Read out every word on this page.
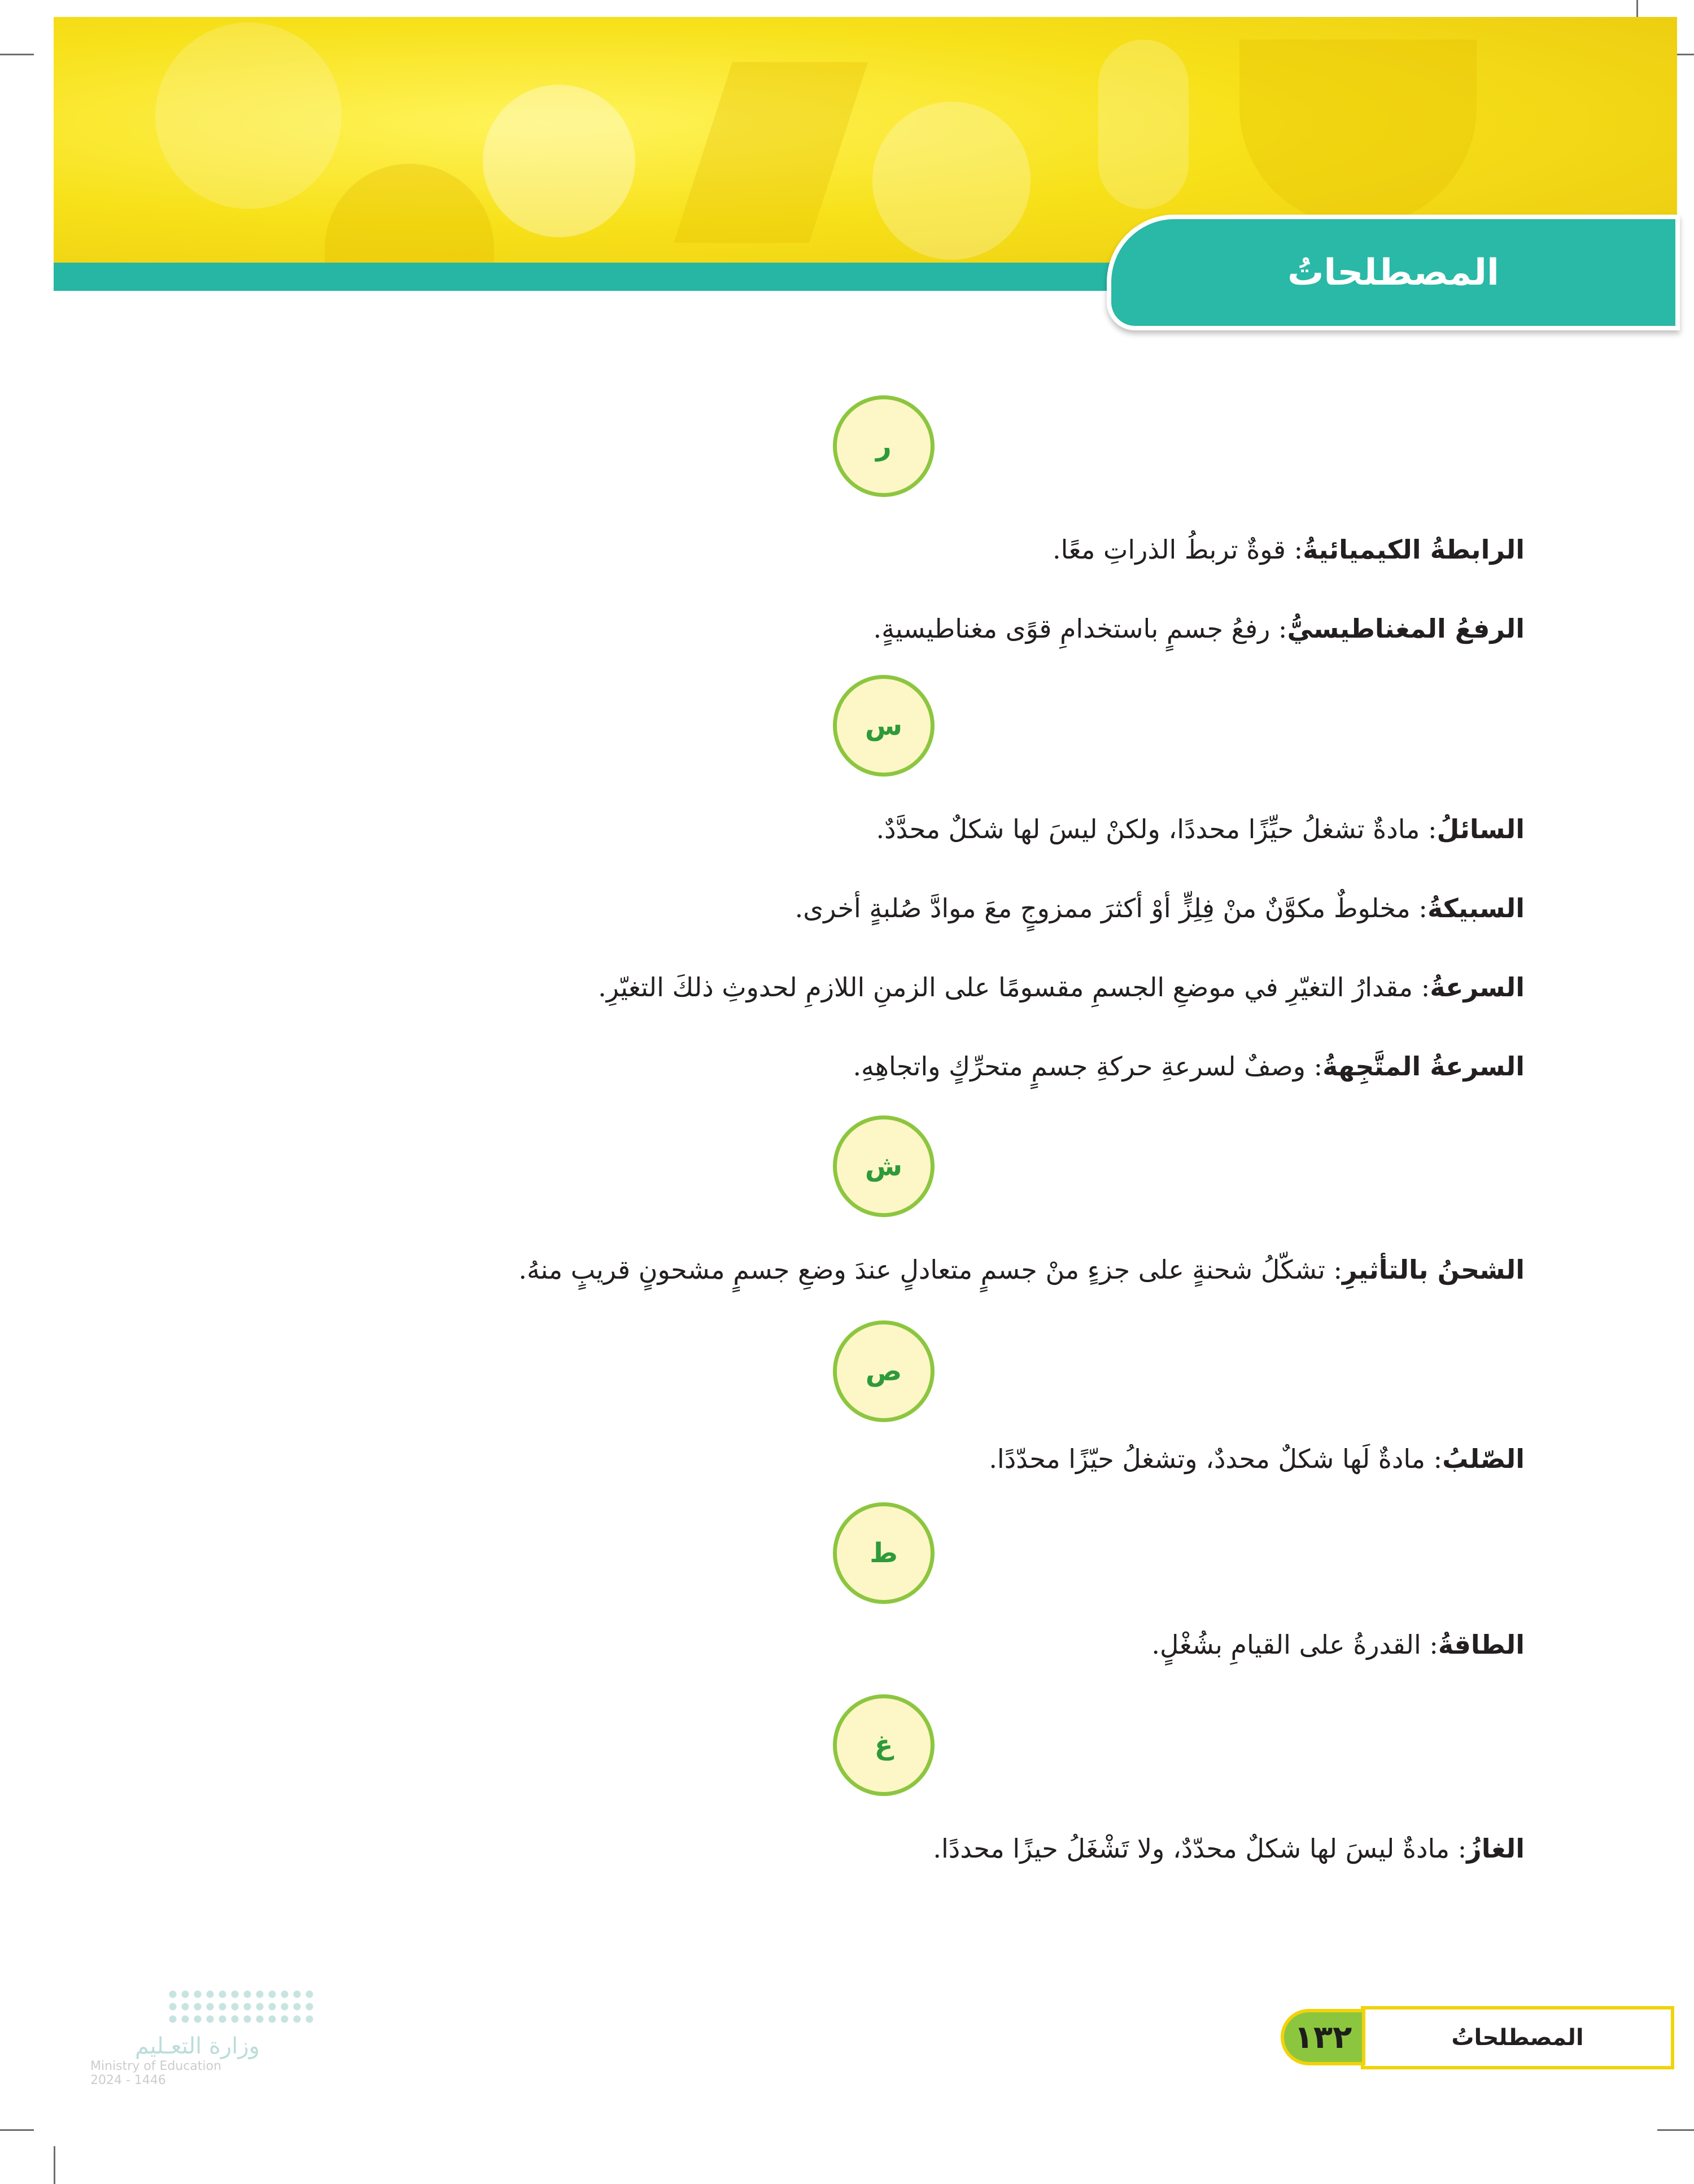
المصطلحاتُ
ر
الرابطةُ الكيميائيةُ: قوةٌ تربطُ الذراتِ معًا.
الرفعُ المغناطيسيُّ: رفعُ جسمٍ باستخدامِ قوًى مغناطيسيةٍ.
س
السائلُ: مادةٌ تشغلُ حيِّزًا محددًا، ولكنْ ليسَ لها شكلٌ محدَّدٌ.
السبيكةُ: مخلوطٌ مكوَّنٌ منْ فِلِزٍّ أوْ أكثرَ ممزوجٍ معَ موادَّ صُلبةٍ أخرى.
السرعةُ: مقدارُ التغيّرِ في موضعِ الجسمِ مقسومًا على الزمنِ اللازمِ لحدوثِ ذلكَ التغيّرِ.
السرعةُ المتَّجِهةُ: وصفٌ لسرعةِ حركةِ جسمٍ متحرِّكٍ واتجاهِهِ.
ش
الشحنُ بالتأثيرِ: تشكّلُ شحنةٍ على جزءٍ منْ جسمٍ متعادلٍ عندَ وضعِ جسمٍ مشحونٍ قريبٍ منهُ.
ص
الصّلبُ: مادةٌ لَها شكلٌ محددٌ، وتشغلُ حيّزًا محدّدًا.
ط
الطاقةُ: القدرةُ على القيامِ بشُغْلٍ.
غ
الغازُ: مادةٌ ليسَ لها شكلٌ محدّدٌ، ولا تَشْغَلُ حيزًا محددًا.
المصطلحاتُ
١٣٢
وزارة التعـليم
Ministry of Education
2024 - 1446
